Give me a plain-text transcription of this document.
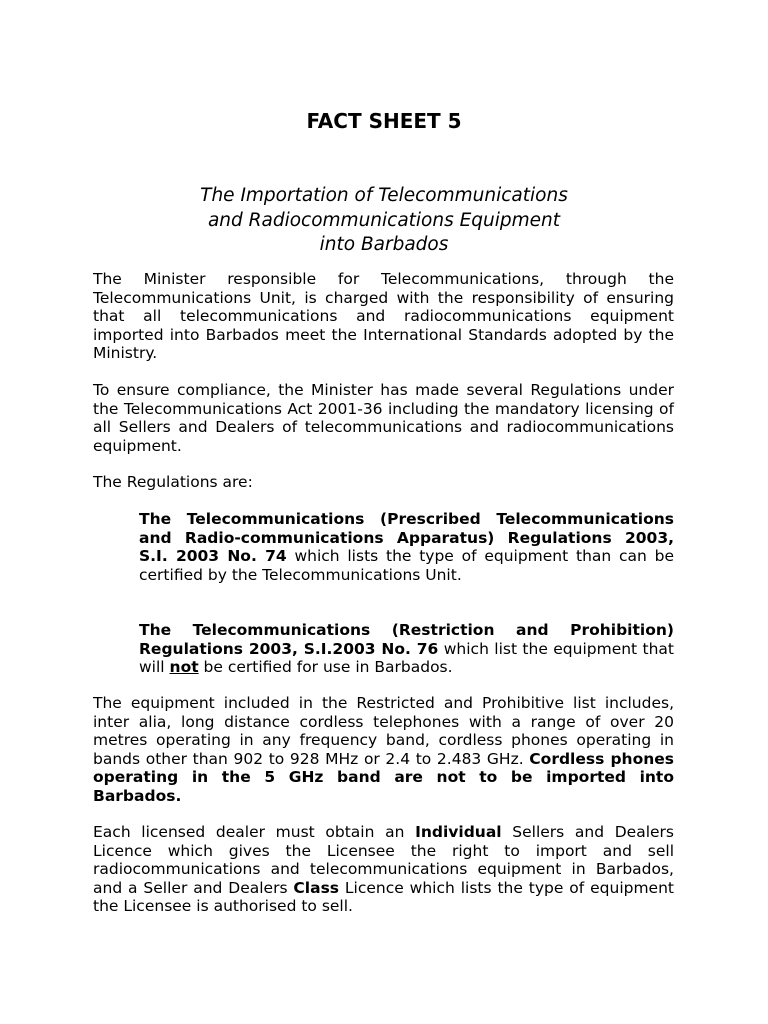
FACT SHEET 5
The Importation of Telecommunications
and Radiocommunications Equipment
into Barbados

The Minister responsible for Telecommunications, through the Telecommunications Unit, is charged with the responsibility of ensuring that all telecommunications and radiocommunications equipment imported into Barbados meet the International Standards adopted by the Ministry.

To ensure compliance, the Minister has made several Regulations under the Telecommunications Act 2001-36 including the mandatory licensing of all Sellers and Dealers of telecommunications and radiocommunications equipment.

The Regulations are:

The Telecommunications (Prescribed Telecommunications and Radio-communications Apparatus) Regulations 2003, S.I. 2003 No. 74 which lists the type of equipment than can be certified by the Telecommunications Unit.

The Telecommunications (Restriction and Prohibition) Regulations 2003, S.I.2003 No. 76 which list the equipment that will not be certified for use in Barbados.

The equipment included in the Restricted and Prohibitive list includes, inter alia, long distance cordless telephones with a range of over 20 metres operating in any frequency band, cordless phones operating in bands other than 902 to 928 MHz or 2.4 to 2.483 GHz. Cordless phones operating in the 5 GHz band are not to be imported into Barbados.

Each licensed dealer must obtain an Individual Sellers and Dealers Licence which gives the Licensee the right to import and sell radiocommunications and telecommunications equipment in Barbados, and a Seller and Dealers Class Licence which lists the type of equipment the Licensee is authorised to sell.
